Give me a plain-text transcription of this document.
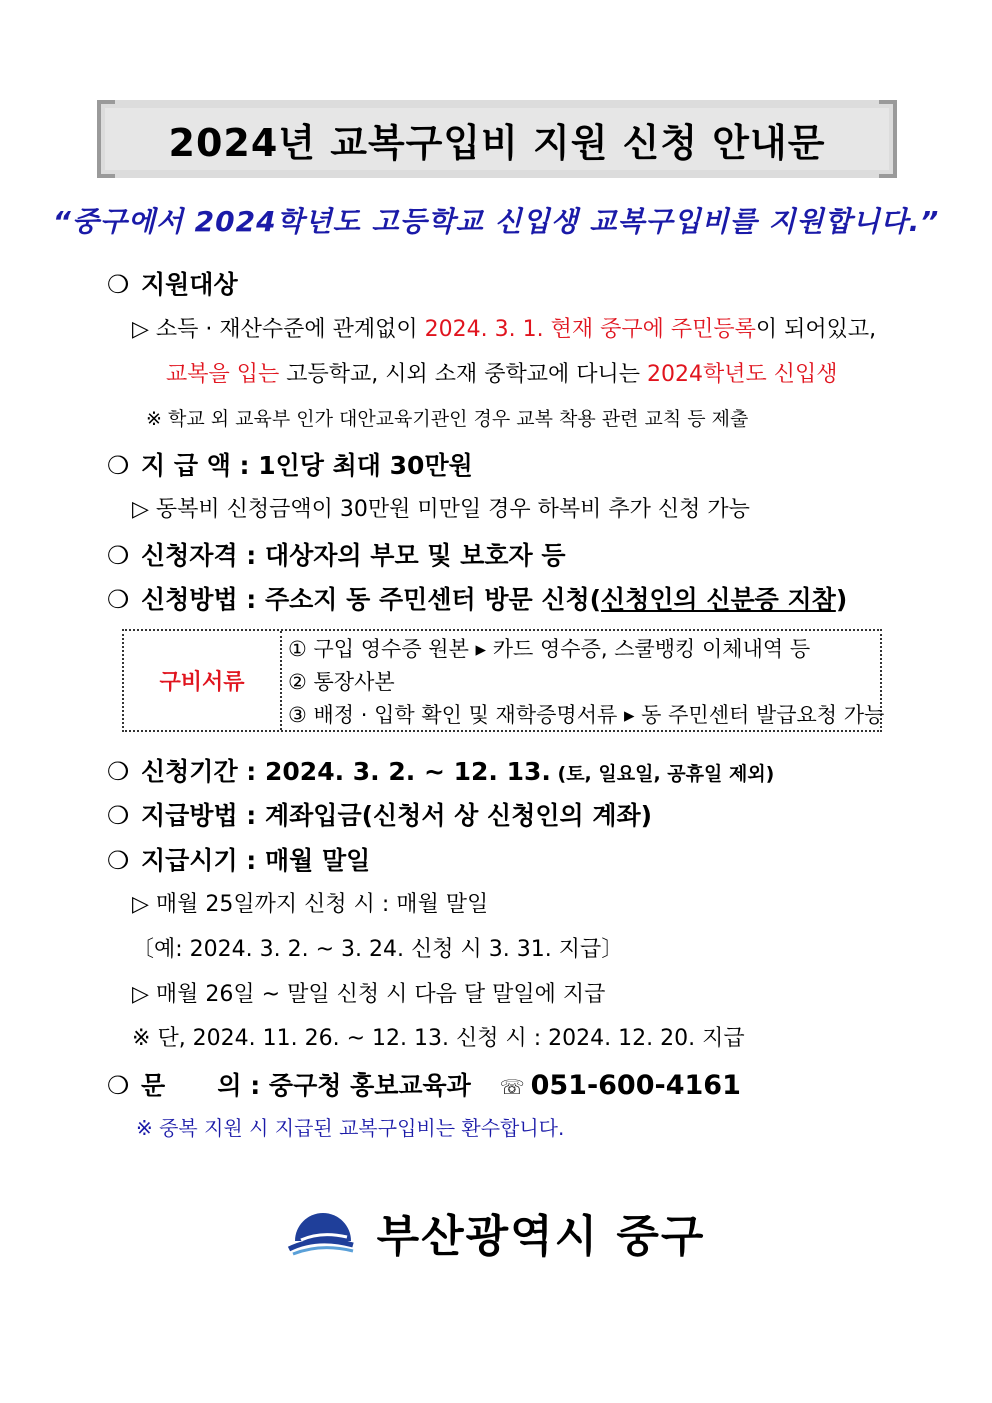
2024년 교복구입비 지원 신청 안내문
“중구에서 2024학년도 고등학교 신입생 교복구입비를 지원합니다.”
❍ 지원대상
▷ 소득 · 재산수준에 관계없이 2024. 3. 1. 현재 중구에 주민등록이 되어있고,
교복을 입는 고등학교, 시외 소재 중학교에 다니는 2024학년도 신입생
※ 학교 외 교육부 인가 대안교육기관인 경우 교복 착용 관련 교칙 등 제출
❍ 지 급 액 : 1인당 최대 30만원
▷ 동복비 신청금액이 30만원 미만일 경우 하복비 추가 신청 가능
❍ 신청자격 : 대상자의 부모 및 보호자 등
❍ 신청방법 : 주소지 동 주민센터 방문 신청(신청인의 신분증 지참)
구비서류
① 구입 영수증 원본 ▸ 카드 영수증, 스쿨뱅킹 이체내역 등
② 통장사본
③ 배정 · 입학 확인 및 재학증명서류 ▸ 동 주민센터 발급요청 가능
❍ 신청기간 : 2024. 3. 2. ~ 12. 13. (토, 일요일, 공휴일 제외)
❍ 지급방법 : 계좌입금(신청서 상 신청인의 계좌)
❍ 지급시기 : 매월 말일
▷ 매월 25일까지 신청 시 : 매월 말일
〔예: 2024. 3. 2. ~ 3. 24. 신청 시 3. 31. 지급〕
▷ 매월 26일 ~ 말일 신청 시 다음 달 말일에 지급
※ 단, 2024. 11. 26. ~ 12. 13. 신청 시 : 2024. 12. 20. 지급
❍ 문      의 : 중구청 홍보교육과 ☏ 051-600-4161
※ 중복 지원 시 지급된 교복구입비는 환수합니다.
부산광역시 중구
